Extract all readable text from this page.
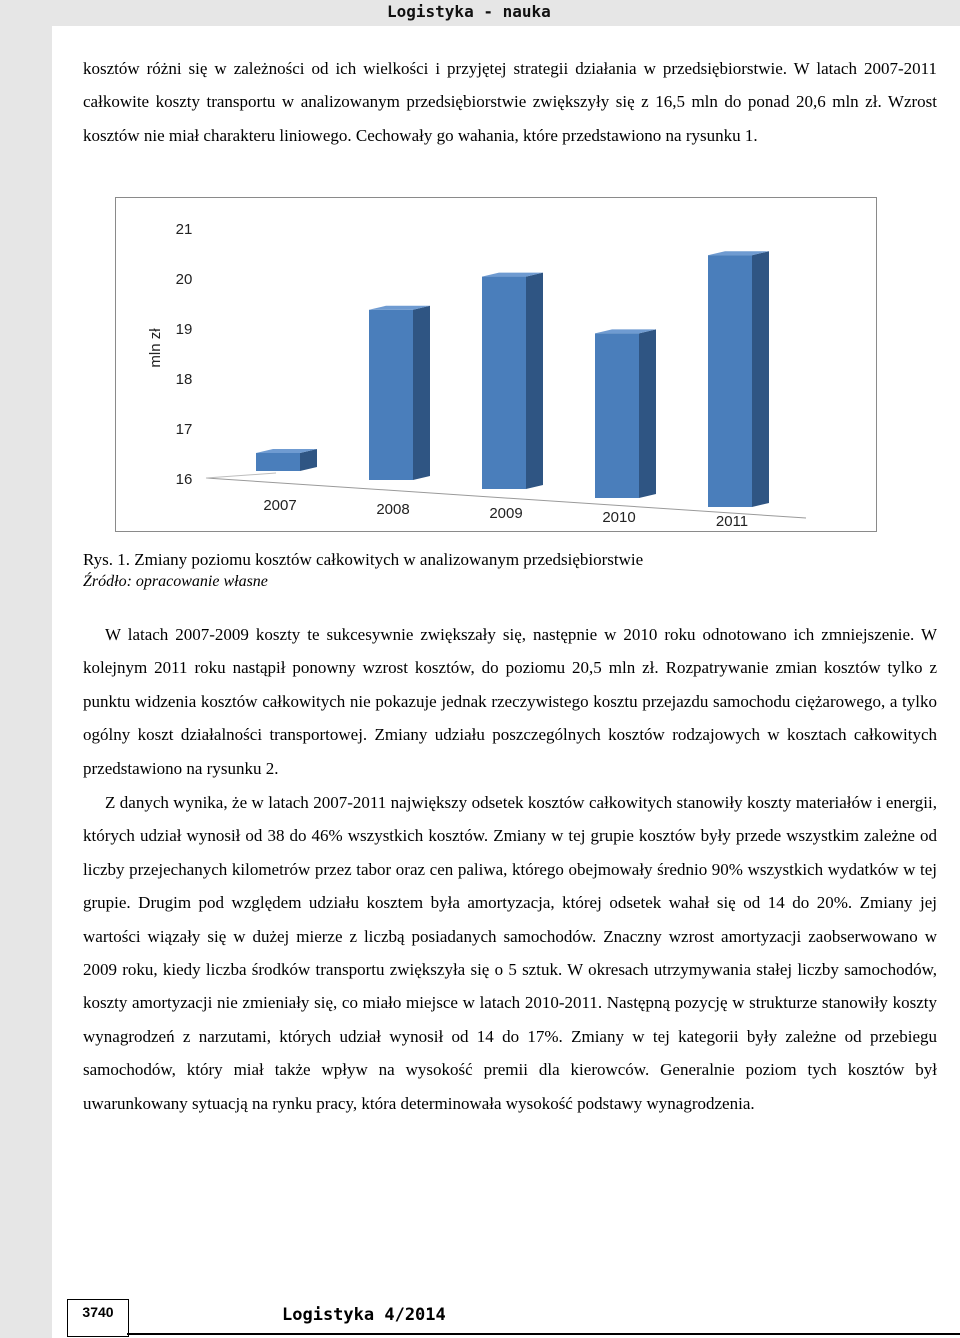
Logistyka - nauka

kosztów różni się w zależności od ich wielkości i przyjętej strategii działania w przedsiębiorstwie. W latach 2007-2011 całkowite koszty transportu w analizowanym przedsiębiorstwie zwiększyły się z 16,5 mln do ponad 20,6 mln zł. Wzrost kosztów nie miał charakteru liniowego. Cechowały go wahania, które przedstawiono na rysunku 1.

16
17
18
19
20
21
mln zł
2007	2008	2009	2010	2011
Rys. 1. Zmiany poziomu kosztów całkowitych w analizowanym przedsiębiorstwie
Źródło: opracowanie własne

W latach 2007-2009 koszty te sukcesywnie zwiększały się, następnie w 2010 roku odnotowano ich zmniejszenie. W kolejnym 2011 roku nastąpił ponowny wzrost kosztów, do poziomu 20,5 mln zł. Rozpatrywanie zmian kosztów tylko z punktu widzenia kosztów całkowitych nie pokazuje jednak rzeczywistego kosztu przejazdu samochodu ciężarowego, a tylko ogólny koszt działalności transportowej. Zmiany udziału poszczególnych kosztów rodzajowych w kosztach całkowitych przedstawiono na rysunku 2.

Z danych wynika, że w latach 2007-2011 największy odsetek kosztów całkowitych stanowiły koszty materiałów i energii, których udział wynosił od 38 do 46% wszystkich kosztów. Zmiany w tej grupie kosztów były przede wszystkim zależne od liczby przejechanych kilometrów przez tabor oraz cen paliwa, którego obejmowały średnio 90% wszystkich wydatków w tej grupie. Drugim pod względem udziału kosztem była amortyzacja, której odsetek wahał się od 14 do 20%. Zmiany jej wartości wiązały się w dużej mierze z liczbą posiadanych samochodów. Znaczny wzrost amortyzacji zaobserwowano w 2009 roku, kiedy liczba środków transportu zwiększyła się o 5 sztuk. W okresach utrzymywania stałej liczby samochodów, koszty amortyzacji nie zmieniały się, co miało miejsce w latach 2010-2011. Następną pozycję w strukturze stanowiły koszty wynagrodzeń z narzutami, których udział wynosił od 14 do 17%. Zmiany w tej kategorii były zależne od przebiegu samochodów, który miał także wpływ na wysokość premii dla kierowców. Generalnie poziom tych kosztów był uwarunkowany sytuacją na rynku pracy, która determinowała wysokość podstawy wynagrodzenia.

3740	Logistyka 4/2014
